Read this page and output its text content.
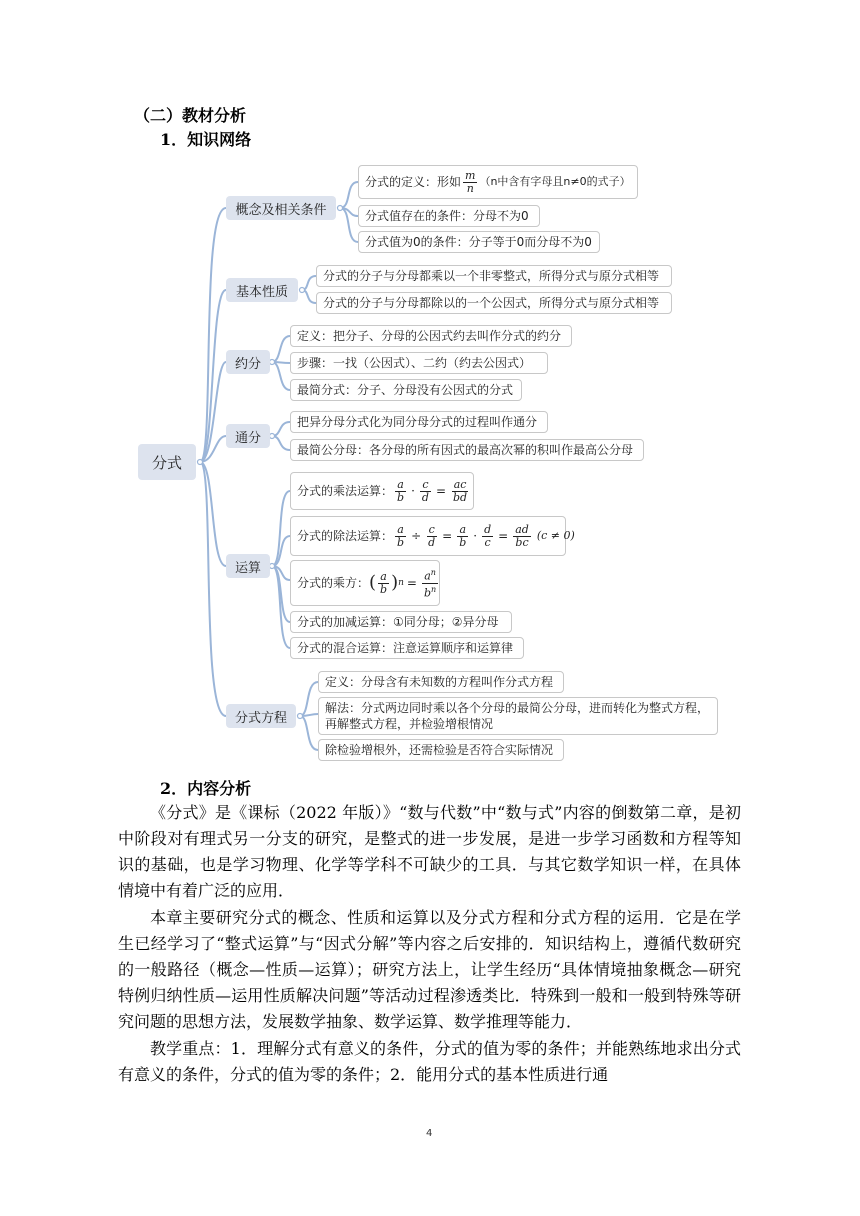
（二）教材分析
1．知识网络
分式
概念及相关条件
基本性质
约分
通分
运算
分式方程
分式的定义：形如 $\frac{m}{n} (n$中含有字母且n≠0的式子）
分式值存在的条件：分母不为0
分式值为0的条件：分子等于0而分母不为0
分式的分子与分母都乘以一个非零整式，所得分式与原分式相等
分式的分子与分母都除以的一个公因式，所得分式与原分式相等
定义：把分子、分母的公因式约去叫作分式的约分
步骤：一找（公因式）、二约（约去公因式）
最简分式：分子、分母没有公因式的分式
把异分母分式化为同分母分式的过程叫作通分
最简公分母：各分母的所有因式的最高次幂的积叫作最高公分母
分式的乘法运算： $\frac{a}{b} \cdot \frac{c}{d} = \frac{ac}{bd}$
分式的除法运算： $\frac{a}{b} \div \frac{c}{d} = \frac{a}{b} \cdot \frac{d}{c} = \frac{ad}{bc} (c \ne 0)$
分式的乘方： ( $\frac{a}{b}$ ) $n = \frac{a^n}{b^n}$
分式的加减运算：①同分母；②异分母
分式的混合运算：注意运算顺序和运算律
定义：分母含有未知数的方程叫作分式方程
解法：分式两边同时乘以各个分母的最简公分母，进而转化为整式方程，
再解整式方程，并检验增根情况
除检验增根外，还需检验是否符合实际情况
2．内容分析
《分式》是《课标（2022 年版）》“数与代数”中“数与式”内容的倒数第二章，是初中阶段对有理式另一分支的研究，是整式的进一步发展，是进一步学习函数和方程等知识的基础，也是学习物理、化学等学科不可缺少的工具．与其它数学知识一样，在具体情境中有着广泛的应用．
本章主要研究分式的概念、性质和运算以及分式方程和分式方程的运用．它是在学生已经学习了“整式运算”与“因式分解”等内容之后安排的．知识结构上，遵循代数研究的一般路径（概念—性质—运算）；研究方法上，让学生经历“具体情境抽象概念—研究特例归纳性质—运用性质解决问题”等活动过程渗透类比．特殊到一般和一般到特殊等研究问题的思想方法，发展数学抽象、数学运算、数学推理等能力．
教学重点：1．理解分式有意义的条件，分式的值为零的条件；并能熟练地求出分式有意义的条件，分式的值为零的条件；2．能用分式的基本性质进行通
4
